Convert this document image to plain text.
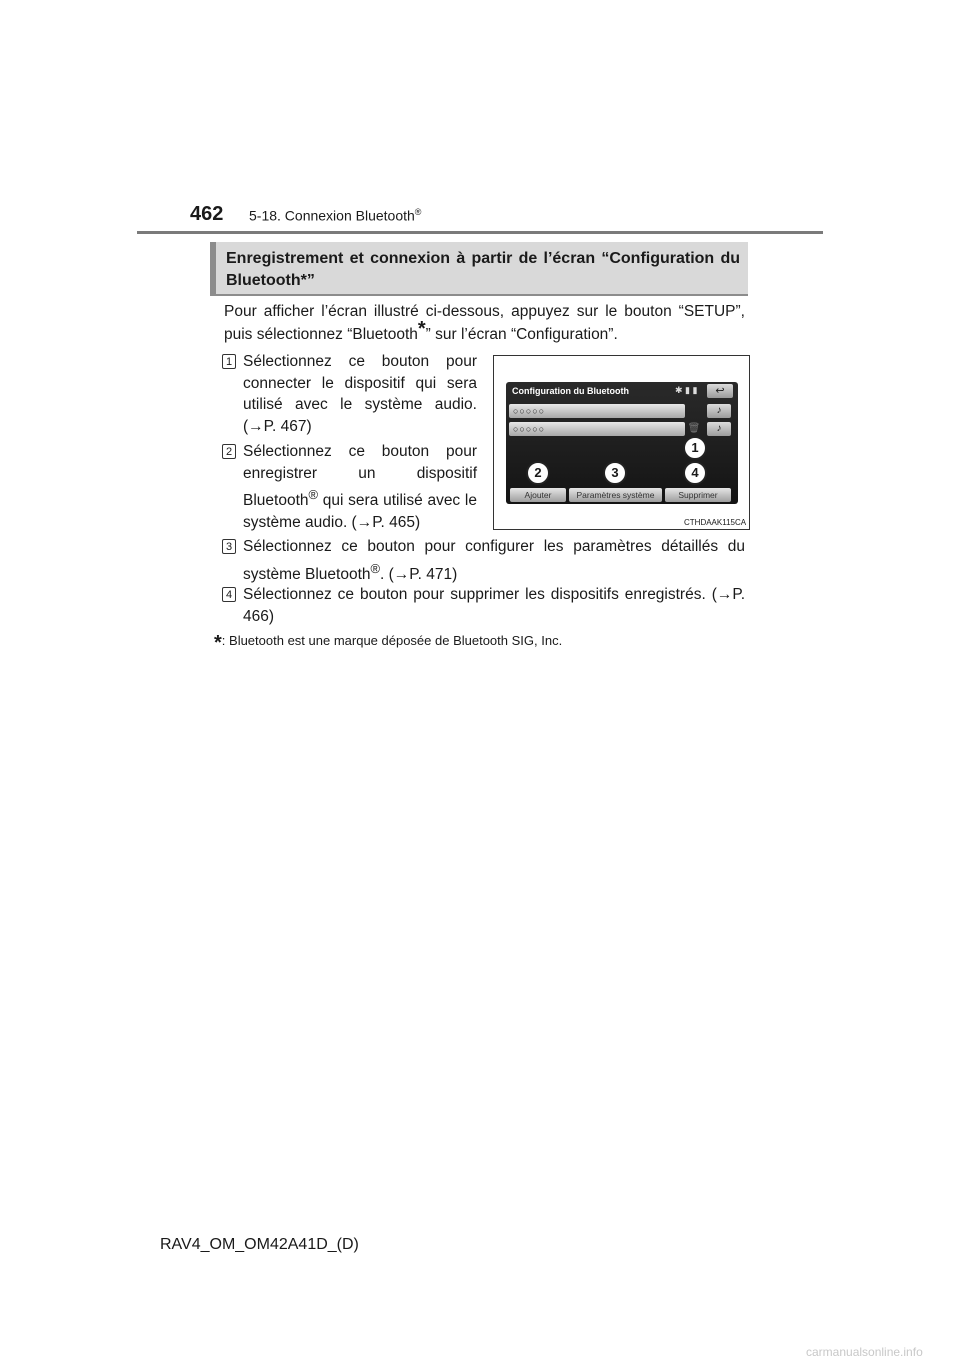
462 5-18. Connexion Bluetooth®
Enregistrement et connexion à partir de l’écran “Configuration du Bluetooth*”
Pour afficher l’écran illustré ci-dessous, appuyez sur le bouton “SETUP”, puis sélectionnez “Bluetooth*” sur l’écran “Configuration”.
1 Sélectionnez ce bouton pour connecter le dispositif qui sera utilisé avec le système audio. (→P. 467)
2 Sélectionnez ce bouton pour enregistrer un dispositif Bluetooth® qui sera utilisé avec le système audio. (→P. 465)
3 Sélectionnez ce bouton pour configurer les paramètres détaillés du système Bluetooth®. (→P. 471)
4 Sélectionnez ce bouton pour supprimer les dispositifs enregistrés. (→P. 466)
Configuration du Bluetooth	✱ ▮ ▮	↩
○○○○○	♪
○○○○○	🗑	♪
1
2	3	4
Ajouter	Paramètres système	Supprimer
CTHDAAK115CA
*: Bluetooth est une marque déposée de Bluetooth SIG, Inc.
RAV4_OM_OM42A41D_(D)
carmanualsonline.info
